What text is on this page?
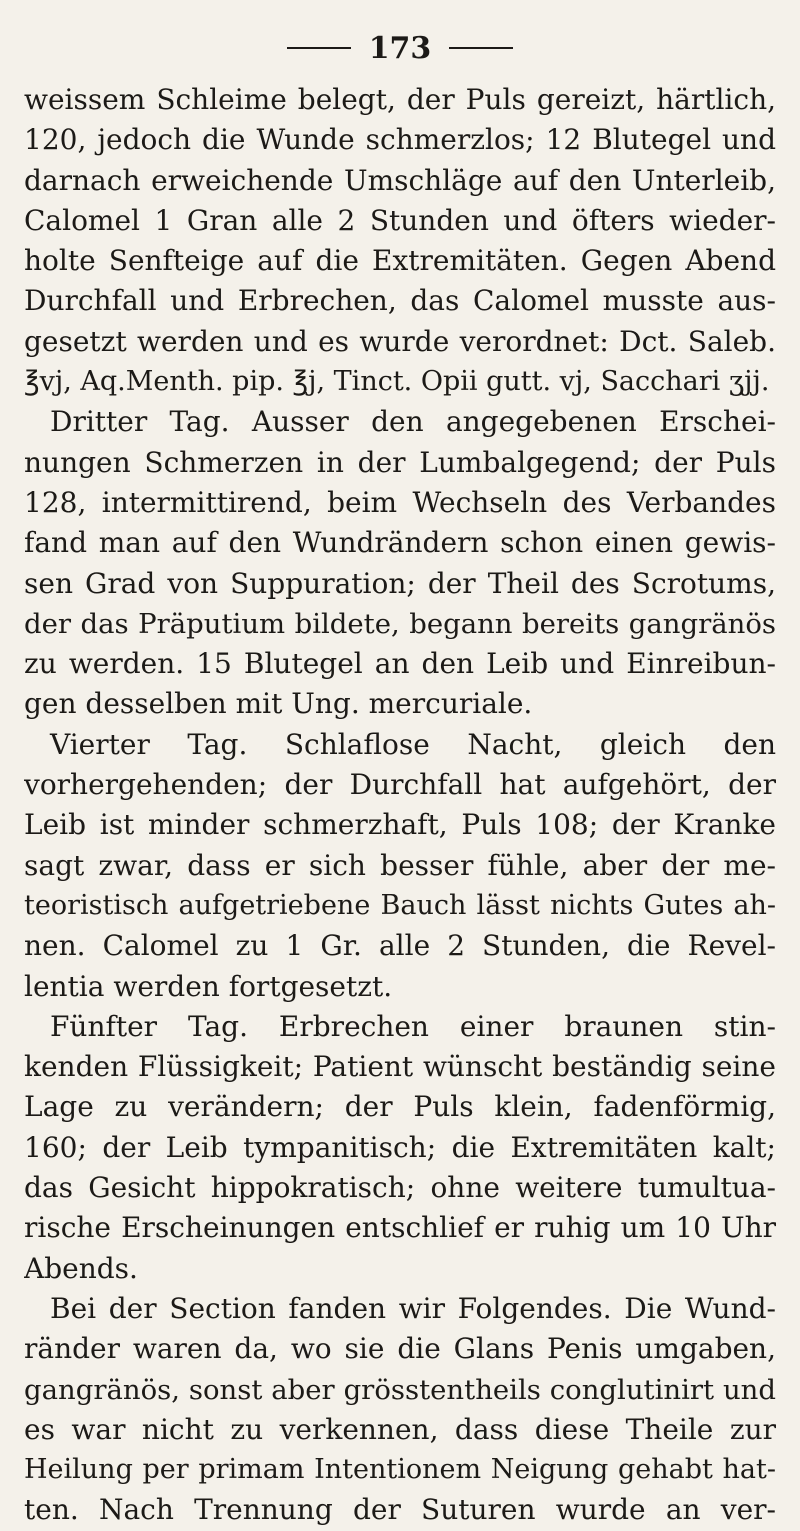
173
weissem Schleime belegt, der Puls gereizt, härtlich,
120, jedoch die Wunde schmerzlos; 12 Blutegel und
darnach erweichende Umschläge auf den Unterleib,
Calomel 1 Gran alle 2 Stunden und öfters wieder-
holte Senfteige auf die Extremitäten. Gegen Abend
Durchfall und Erbrechen, das Calomel musste aus-
gesetzt werden und es wurde verordnet: Dct. Saleb.
℥vj, Aq.Menth. pip. ℥j, Tinct. Opii gutt. vj, Sacchari ʒjj.
Dritter Tag. Ausser den angegebenen Erschei-
nungen Schmerzen in der Lumbalgegend; der Puls
128, intermittirend, beim Wechseln des Verbandes
fand man auf den Wundrändern schon einen gewis-
sen Grad von Suppuration; der Theil des Scrotums,
der das Präputium bildete, begann bereits gangränös
zu werden. 15 Blutegel an den Leib und Einreibun-
gen desselben mit Ung. mercuriale.
Vierter Tag. Schlaflose Nacht, gleich den
vorhergehenden; der Durchfall hat aufgehört, der
Leib ist minder schmerzhaft, Puls 108; der Kranke
sagt zwar, dass er sich besser fühle, aber der me-
teoristisch aufgetriebene Bauch lässt nichts Gutes ah-
nen. Calomel zu 1 Gr. alle 2 Stunden, die Revel-
lentia werden fortgesetzt.
Fünfter Tag. Erbrechen einer braunen stin-
kenden Flüssigkeit; Patient wünscht beständig seine
Lage zu verändern; der Puls klein, fadenförmig,
160; der Leib tympanitisch; die Extremitäten kalt;
das Gesicht hippokratisch; ohne weitere tumultua-
rische Erscheinungen entschlief er ruhig um 10 Uhr
Abends.
Bei der Section fanden wir Folgendes. Die Wund-
ränder waren da, wo sie die Glans Penis umgaben,
gangränös, sonst aber grösstentheils conglutinirt und
es war nicht zu verkennen, dass diese Theile zur
Heilung per primam Intentionem Neigung gehabt hat-
ten. Nach Trennung der Suturen wurde an ver-
